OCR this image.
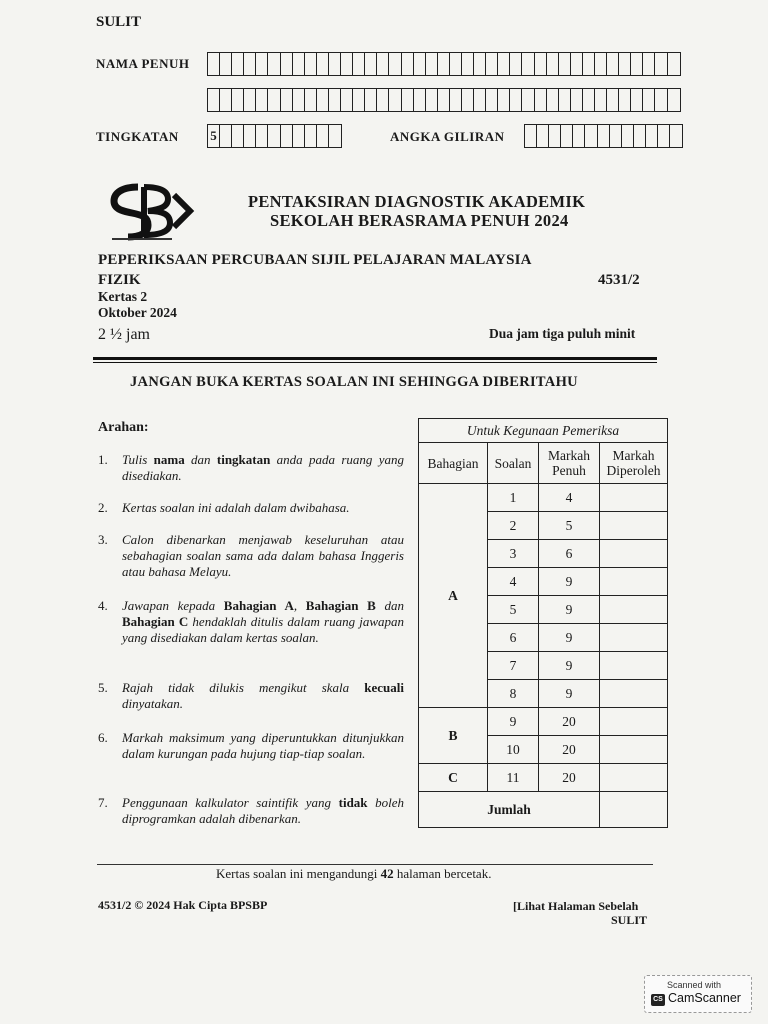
SULIT
NAMA PENUH
TINGKATAN 5	ANGKA GILIRAN
PENTAKSIRAN DIAGNOSTIK AKADEMIK
SEKOLAH BERASRAMA PENUH 2024
PEPERIKSAAN PERCUBAAN SIJIL PELAJARAN MALAYSIA
FIZIK	4531/2
Kertas 2
Oktober 2024
2 ½ jam	Dua jam tiga puluh minit
JANGAN BUKA KERTAS SOALAN INI SEHINGGA DIBERITAHU
Arahan:
1. Tulis nama dan tingkatan anda pada ruang yang disediakan.
2. Kertas soalan ini adalah dalam dwibahasa.
3. Calon dibenarkan menjawab keseluruhan atau sebahagian soalan sama ada dalam bahasa Inggeris atau bahasa Melayu.
4. Jawapan kepada Bahagian A, Bahagian B dan Bahagian C hendaklah ditulis dalam ruang jawapan yang disediakan dalam kertas soalan.
5. Rajah tidak dilukis mengikut skala kecuali dinyatakan.
6. Markah maksimum yang diperuntukkan ditunjukkan dalam kurungan pada hujung tiap-tiap soalan.
7. Penggunaan kalkulator saintifik yang tidak boleh diprogramkan adalah dibenarkan.
Untuk Kegunaan Pemeriksa			
Bahagian	Soalan	Markah Penuh	Markah Diperoleh
A	1	4	
	2	5	
	3	6	
	4	9	
	5	9	
	6	9	
	7	9	
	8	9	
B	9	20	
	10	20	
C	11	20	
Jumlah			
Kertas soalan ini mengandungi 42 halaman bercetak.
4531/2 © 2024 Hak Cipta BPSBP	[Lihat Halaman Sebelah
SULIT
Scanned with
CS CamScanner
